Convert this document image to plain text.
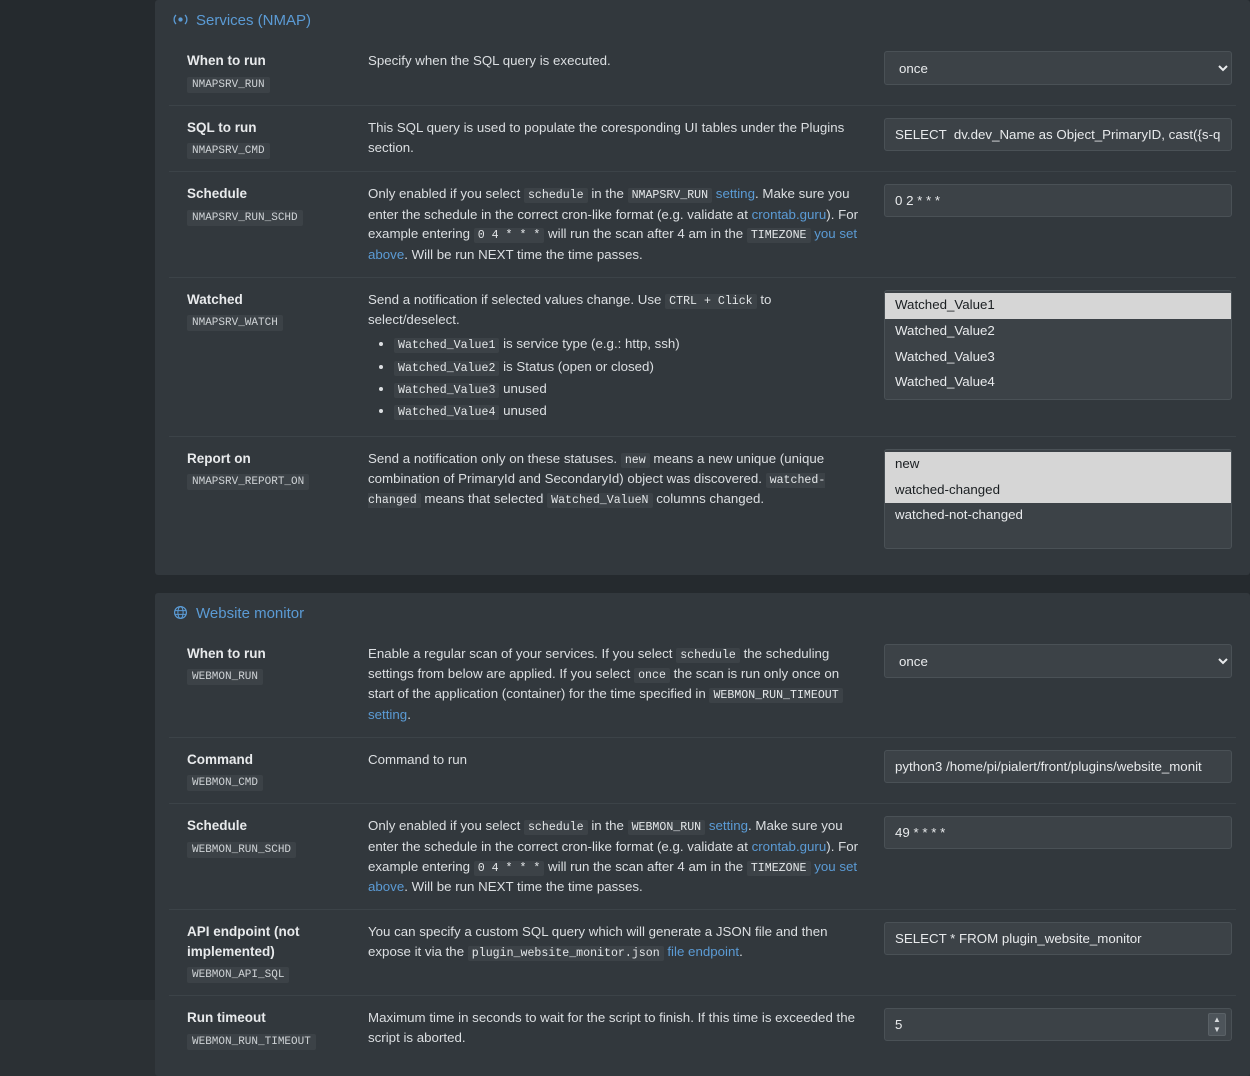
Services (NMAP)
When to run
NMAPSRV_RUN
Specify when the SQL query is executed.
once
SQL to run
NMAPSRV_CMD
This SQL query is used to populate the coresponding UI tables under the Plugins section.
SELECT dv.dev_Name as Object_PrimaryID, cast({s-quo
Schedule
NMAPSRV_RUN_SCHD
Only enabled if you select schedule in the NMAPSRV_RUN setting. Make sure you enter the schedule in the correct cron-like format (e.g. validate at crontab.guru). For example entering 0 4 * * * will run the scan after 4 am in the TIMEZONE you set above. Will be run NEXT time the time passes.
0 2 * * *
Watched
NMAPSRV_WATCH
Send a notification if selected values change. Use CTRL + Click to select/deselect.
• Watched_Value1 is service type (e.g.: http, ssh)
• Watched_Value2 is Status (open or closed)
• Watched_Value3 unused
• Watched_Value4 unused
Watched_Value1
Watched_Value2
Watched_Value3
Watched_Value4
Report on
NMAPSRV_REPORT_ON
Send a notification only on these statuses. new means a new unique (unique combination of PrimaryId and SecondaryId) object was discovered. watched-changed means that selected Watched_ValueN columns changed.
new
watched-changed
watched-not-changed
Website monitor
When to run
WEBMON_RUN
Enable a regular scan of your services. If you select schedule the scheduling settings from below are applied. If you select once the scan is run only once on start of the application (container) for the time specified in WEBMON_RUN_TIMEOUT setting.
once
Command
WEBMON_CMD
Command to run
python3 /home/pi/pialert/front/plugins/website_monit
Schedule
WEBMON_RUN_SCHD
Only enabled if you select schedule in the WEBMON_RUN setting. Make sure you enter the schedule in the correct cron-like format (e.g. validate at crontab.guru). For example entering 0 4 * * * will run the scan after 4 am in the TIMEZONE you set above. Will be run NEXT time the time passes.
49 * * * *
API endpoint (not implemented)
WEBMON_API_SQL
You can specify a custom SQL query which will generate a JSON file and then expose it via the plugin_website_monitor.json file endpoint.
SELECT * FROM plugin_website_monitor
Run timeout
WEBMON_RUN_TIMEOUT
Maximum time in seconds to wait for the script to finish. If this time is exceeded the script is aborted.
5
▲
▼
